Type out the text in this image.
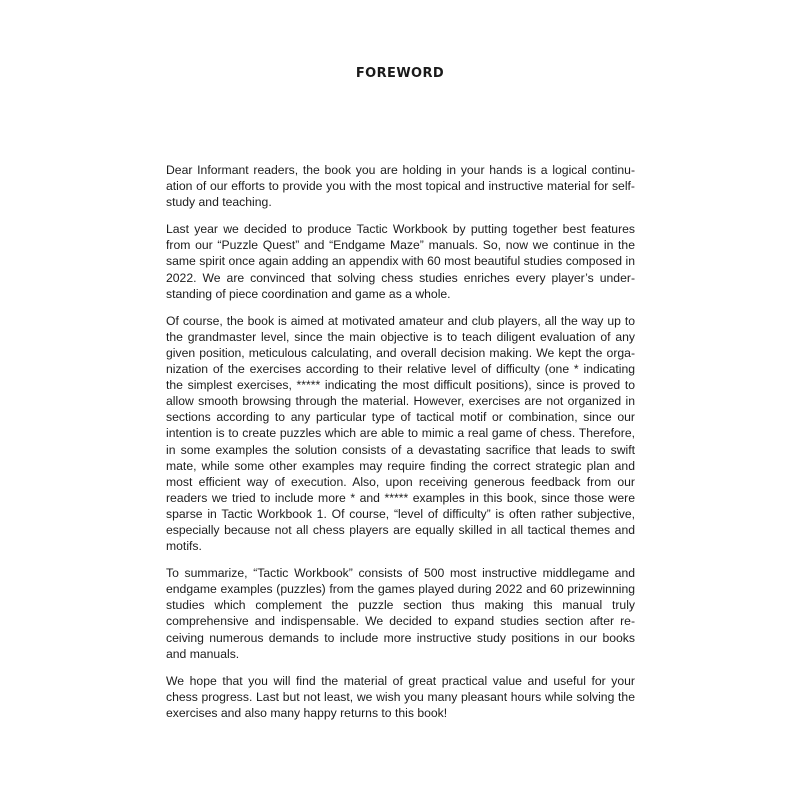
FOREWORD

Dear Informant readers, the book you are holding in your hands is a logical continuation of our efforts to provide you with the most topical and instructive material for self-study and teaching.

Last year we decided to produce Tactic Workbook by putting together best features from our “Puzzle Quest” and “Endgame Maze” manuals. So, now we continue in the same spirit once again adding an appendix with 60 most beautiful studies composed in 2022. We are convinced that solving chess studies enriches every player’s understanding of piece coordination and game as a whole.

Of course, the book is aimed at motivated amateur and club players, all the way up to the grandmaster level, since the main objective is to teach diligent evaluation of any given position, meticulous calculating, and overall decision making. We kept the organization of the exercises according to their relative level of difficulty (one * indicating the simplest exercises, ***** indicating the most difficult positions), since is proved to allow smooth browsing through the material. However, exercises are not organized in sections according to any particular type of tactical motif or combination, since our intention is to create puzzles which are able to mimic a real game of chess. Therefore, in some examples the solution consists of a devastating sacrifice that leads to swift mate, while some other examples may require finding the correct strategic plan and most efficient way of execution. Also, upon receiving generous feedback from our readers we tried to include more * and ***** examples in this book, since those were sparse in Tactic Workbook 1. Of course, “level of difficulty” is often rather subjective, especially because not all chess players are equally skilled in all tactical themes and motifs.

To summarize, “Tactic Workbook” consists of 500 most instructive middlegame and endgame examples (puzzles) from the games played during 2022 and 60 prizewinning studies which complement the puzzle section thus making this manual truly comprehensive and indispensable. We decided to expand studies section after receiving numerous demands to include more instructive study positions in our books and manuals.

We hope that you will find the material of great practical value and useful for your chess progress. Last but not least, we wish you many pleasant hours while solving the exercises and also many happy returns to this book!
